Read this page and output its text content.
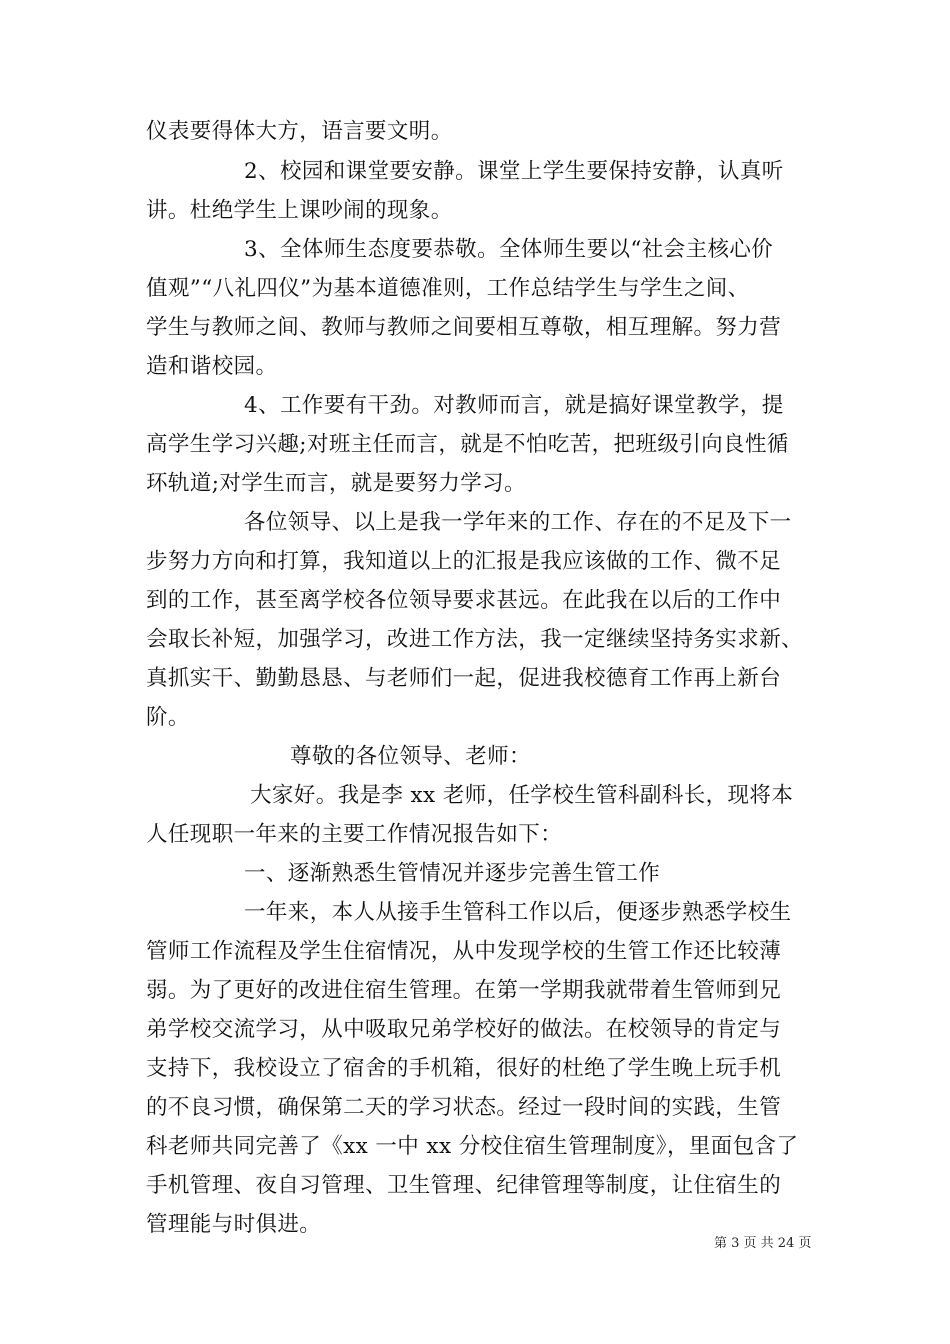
仪表要得体大方，语言要文明。
2、校园和课堂要安静。课堂上学生要保持安静，认真听
讲。杜绝学生上课吵闹的现象。
3、全体师生态度要恭敬。全体师生要以“社会主核心价
值观”“八礼四仪”为基本道德准则，工作总结学生与学生之间、
学生与教师之间、教师与教师之间要相互尊敬，相互理解。努力营
造和谐校园。
4、工作要有干劲。对教师而言，就是搞好课堂教学，提
高学生学习兴趣;对班主任而言，就是不怕吃苦，把班级引向良性循
环轨道;对学生而言，就是要努力学习。
各位领导、以上是我一学年来的工作、存在的不足及下一
步努力方向和打算，我知道以上的汇报是我应该做的工作、微不足
到的工作，甚至离学校各位领导要求甚远。在此我在以后的工作中
会取长补短，加强学习，改进工作方法，我一定继续坚持务实求新、
真抓实干、勤勤恳恳、与老师们一起，促进我校德育工作再上新台
阶。
尊敬的各位领导、老师：
大家好。我是李 xx 老师，任学校生管科副科长，现将本
人任现职一年来的主要工作情况报告如下：
一、逐渐熟悉生管情况并逐步完善生管工作
一年来，本人从接手生管科工作以后，便逐步熟悉学校生
管师工作流程及学生住宿情况，从中发现学校的生管工作还比较薄
弱。为了更好的改进住宿生管理。在第一学期我就带着生管师到兄
弟学校交流学习，从中吸取兄弟学校好的做法。在校领导的肯定与
支持下，我校设立了宿舍的手机箱，很好的杜绝了学生晚上玩手机
的不良习惯，确保第二天的学习状态。经过一段时间的实践，生管
科老师共同完善了《xx 一中 xx 分校住宿生管理制度》，里面包含了
手机管理、夜自习管理、卫生管理、纪律管理等制度，让住宿生的
管理能与时俱进。
第 3 页 共 24 页
